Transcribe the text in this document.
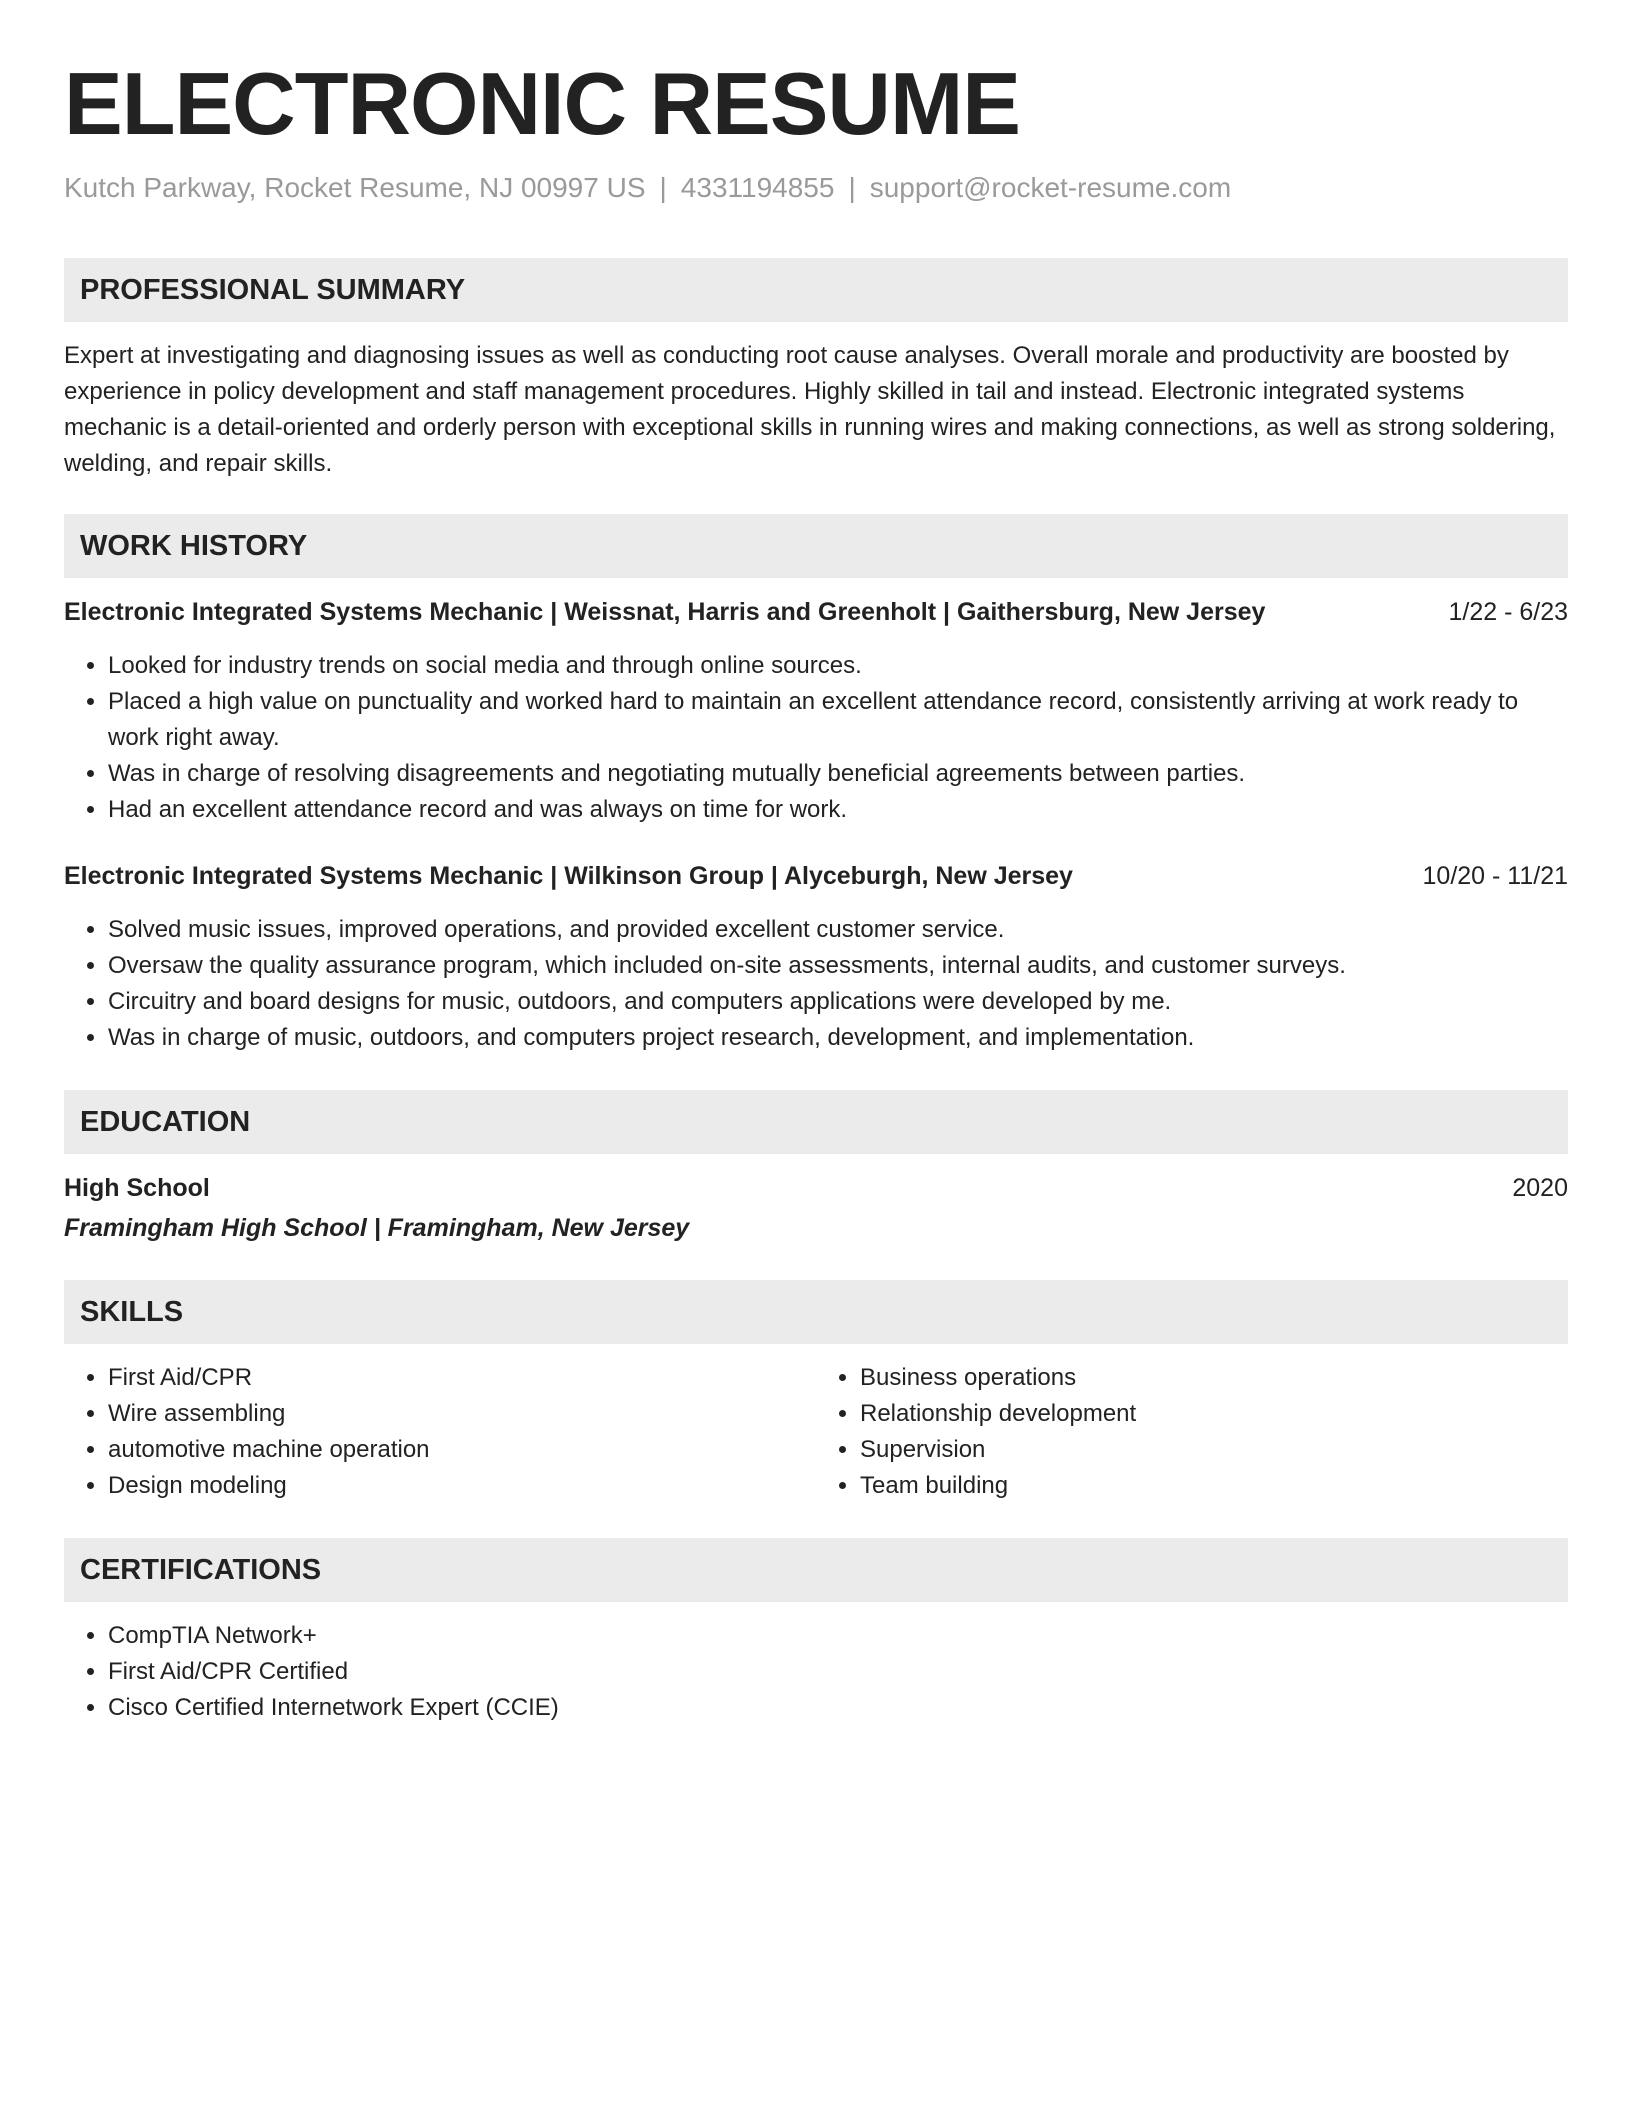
ELECTRONIC RESUME
Kutch Parkway, Rocket Resume, NJ 00997 US | 4331194855 | support@rocket-resume.com
PROFESSIONAL SUMMARY

Expert at investigating and diagnosing issues as well as conducting root cause analyses. Overall morale and productivity are boosted by experience in policy development and staff management procedures. Highly skilled in tail and instead. Electronic integrated systems mechanic is a detail-oriented and orderly person with exceptional skills in running wires and making connections, as well as strong soldering, welding, and repair skills.

WORK HISTORY
Electronic Integrated Systems Mechanic | Weissnat, Harris and Greenholt | Gaithersburg, New Jersey	1/22 - 6/23
• Looked for industry trends on social media and through online sources.
• Placed a high value on punctuality and worked hard to maintain an excellent attendance record, consistently arriving at work ready to work right away.
• Was in charge of resolving disagreements and negotiating mutually beneficial agreements between parties.
• Had an excellent attendance record and was always on time for work.
Electronic Integrated Systems Mechanic | Wilkinson Group | Alyceburgh, New Jersey	10/20 - 11/21
• Solved music issues, improved operations, and provided excellent customer service.
• Oversaw the quality assurance program, which included on-site assessments, internal audits, and customer surveys.
• Circuitry and board designs for music, outdoors, and computers applications were developed by me.
• Was in charge of music, outdoors, and computers project research, development, and implementation.
EDUCATION
High School	2020
Framingham High School | Framingham, New Jersey
SKILLS
• First Aid/CPR
• Wire assembling
• automotive machine operation
• Design modeling
• Business operations
• Relationship development
• Supervision
• Team building
CERTIFICATIONS
• CompTIA Network+
• First Aid/CPR Certified
• Cisco Certified Internetwork Expert (CCIE)
